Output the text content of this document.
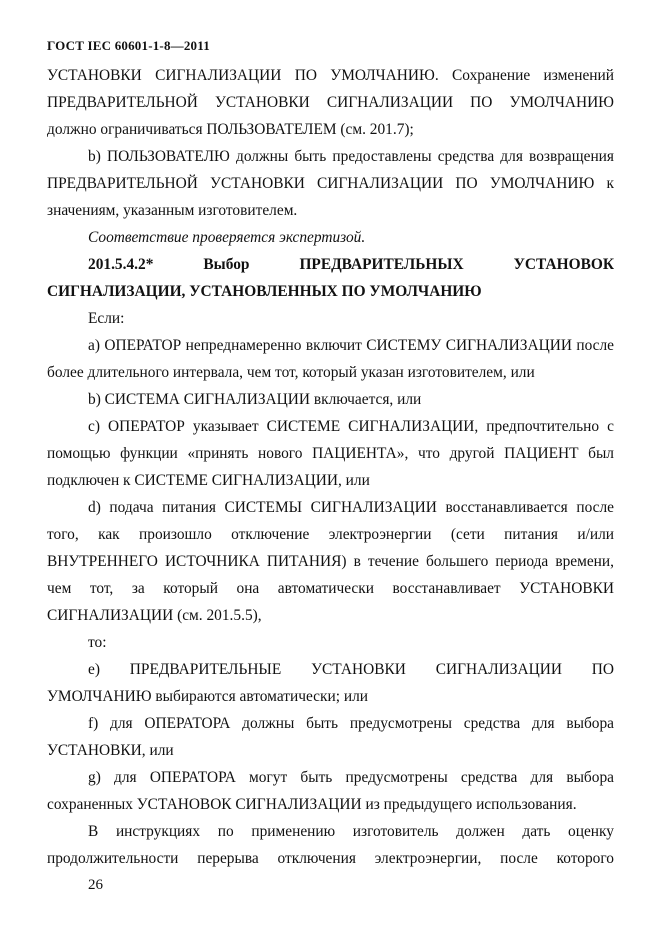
ГОСТ IEC 60601-1-8—2011

УСТАНОВКИ СИГНАЛИЗАЦИИ ПО УМОЛЧАНИЮ. Сохранение изменений ПРЕДВАРИТЕЛЬНОЙ УСТАНОВКИ СИГНАЛИЗАЦИИ ПО УМОЛЧАНИЮ должно ограничиваться ПОЛЬЗОВАТЕЛЕМ (см. 201.7);

b) ПОЛЬЗОВАТЕЛЮ должны быть предоставлены средства для возвращения ПРЕДВАРИТЕЛЬНОЙ УСТАНОВКИ СИГНАЛИЗАЦИИ ПО УМОЛЧАНИЮ к значениям, указанным изготовителем.

Соответствие проверяется экспертизой.

201.5.4.2* Выбор ПРЕДВАРИТЕЛЬНЫХ УСТАНОВОК СИГНАЛИЗАЦИИ, УСТАНОВЛЕННЫХ ПО УМОЛЧАНИЮ

Если:

a) ОПЕРАТОР непреднамеренно включит СИСТЕМУ СИГНАЛИЗАЦИИ после более длительного интервала, чем тот, который указан изготовителем, или

b) СИСТЕМА СИГНАЛИЗАЦИИ включается, или

c) ОПЕРАТОР указывает СИСТЕМЕ СИГНАЛИЗАЦИИ, предпочтительно с помощью функции «принять нового ПАЦИЕНТА», что другой ПАЦИЕНТ был подключен к СИСТЕМЕ СИГНАЛИЗАЦИИ, или

d) подача питания СИСТЕМЫ СИГНАЛИЗАЦИИ восстанавливается после того, как произошло отключение электроэнергии (сети питания и/или ВНУТРЕННЕГО ИСТОЧНИКА ПИТАНИЯ) в течение большего периода времени, чем тот, за который она автоматически восстанавливает УСТАНОВКИ СИГНАЛИЗАЦИИ (см. 201.5.5),

то:

e) ПРЕДВАРИТЕЛЬНЫЕ УСТАНОВКИ СИГНАЛИЗАЦИИ ПО УМОЛЧАНИЮ выбираются автоматически; или

f) для ОПЕРАТОРА должны быть предусмотрены средства для выбора УСТАНОВКИ, или

g) для ОПЕРАТОРА могут быть предусмотрены средства для выбора сохраненных УСТАНОВОК СИГНАЛИЗАЦИИ из предыдущего использования.

В инструкциях по применению изготовитель должен дать оценку продолжительности перерыва отключения электроэнергии, после которого

26
